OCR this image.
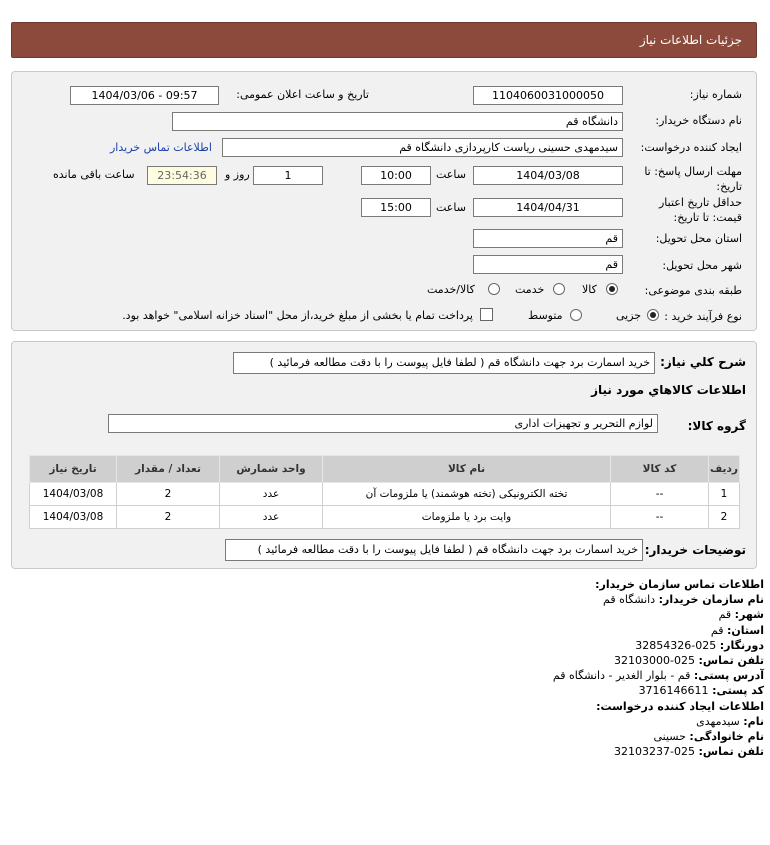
جزئیات اطلاعات نیاز
شماره نیاز:
1104060031000050
تاریخ و ساعت اعلان عمومی:
1404/03/06 - 09:57
نام دستگاه خریدار:
دانشگاه قم
ایجاد کننده درخواست:
سیدمهدی حسینی ریاست کارپردازی دانشگاه قم
اطلاعات تماس خریدار
مهلت ارسال پاسخ: تا تاریخ:
1404/03/08
ساعت
10:00
1
روز و
23:54:36
ساعت باقی مانده
حداقل تاریخ اعتبار قیمت: تا تاریخ:
1404/04/31
ساعت
15:00
استان محل تحویل:
قم
شهر محل تحویل:
قم
طبقه بندی موضوعی:
کالا
خدمت
کالا/خدمت
نوع فرآیند خرید :
جزیی
متوسط
پرداخت تمام یا بخشی از مبلغ خرید،از محل "اسناد خزانه اسلامی" خواهد بود.
شرح کلي نياز:
خرید اسمارت برد جهت دانشگاه قم ( لطفا فایل پیوست را با دقت مطالعه فرمائید )
اطلاعات کالاهاي مورد نياز
گروه کالا:
لوازم التحریر و تجهیزات اداری
ردیف	کد کالا	نام کالا	واحد شمارش	تعداد / مقدار	تاریخ نیاز
1	--	تخته الکترونیکی (تخته هوشمند) یا ملزومات آن	عدد	2	1404/03/08
2	--	وایت برد یا ملزومات	عدد	2	1404/03/08
توضیحات خریدار:
خرید اسمارت برد جهت دانشگاه قم ( لطفا فایل پیوست را با دقت مطالعه فرمائید )
اطلاعات تماس سازمان خریدار:
نام سازمان خریدار: دانشگاه قم
شهر: قم
استان: قم
دورنگار: 025-32854326
تلفن تماس: 025-32103000
آدرس پستی: قم - بلوار الغدیر - دانشگاه قم
کد پستی: 3716146611
اطلاعات ایجاد کننده درخواست:
نام: سیدمهدی
نام خانوادگی: حسینی
تلفن تماس: 025-32103237
